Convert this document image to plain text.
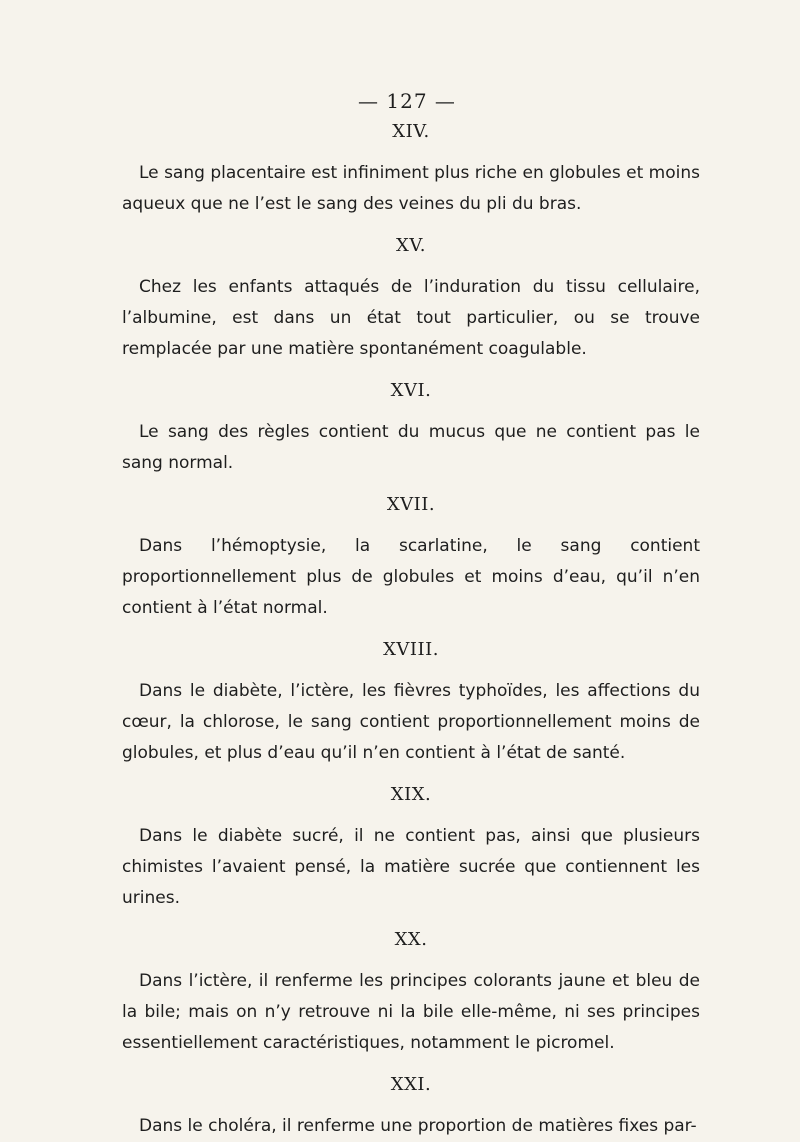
— 127 —
XIV.

Le sang placentaire est infiniment plus riche en globules et moins aqueux que ne l’est le sang des veines du pli du bras.

XV.

Chez les enfants attaqués de l’induration du tissu cellulaire, l’albumine, est dans un état tout particulier, ou se trouve remplacée par une matière spontanément coagulable.

XVI.

Le sang des règles contient du mucus que ne contient pas le sang normal.

XVII.

Dans l’hémoptysie, la scarlatine, le sang contient proportionnellement plus de globules et moins d’eau, qu’il n’en contient à l’état normal.

XVIII.

Dans le diabète, l’ictère, les fièvres typhoïdes, les affections du cœur, la chlorose, le sang contient proportionnellement moins de globules, et plus d’eau qu’il n’en contient à l’état de santé.

XIX.

Dans le diabète sucré, il ne contient pas, ainsi que plusieurs chimistes l’avaient pensé, la matière sucrée que contiennent les urines.

XX.

Dans l’ictère, il renferme les principes colorants jaune et bleu de la bile; mais on n’y retrouve ni la bile elle-même, ni ses principes essentiellement caractéristiques, notamment le picromel.

XXI.

Dans le choléra, il renferme une proportion de matières fixes par-
